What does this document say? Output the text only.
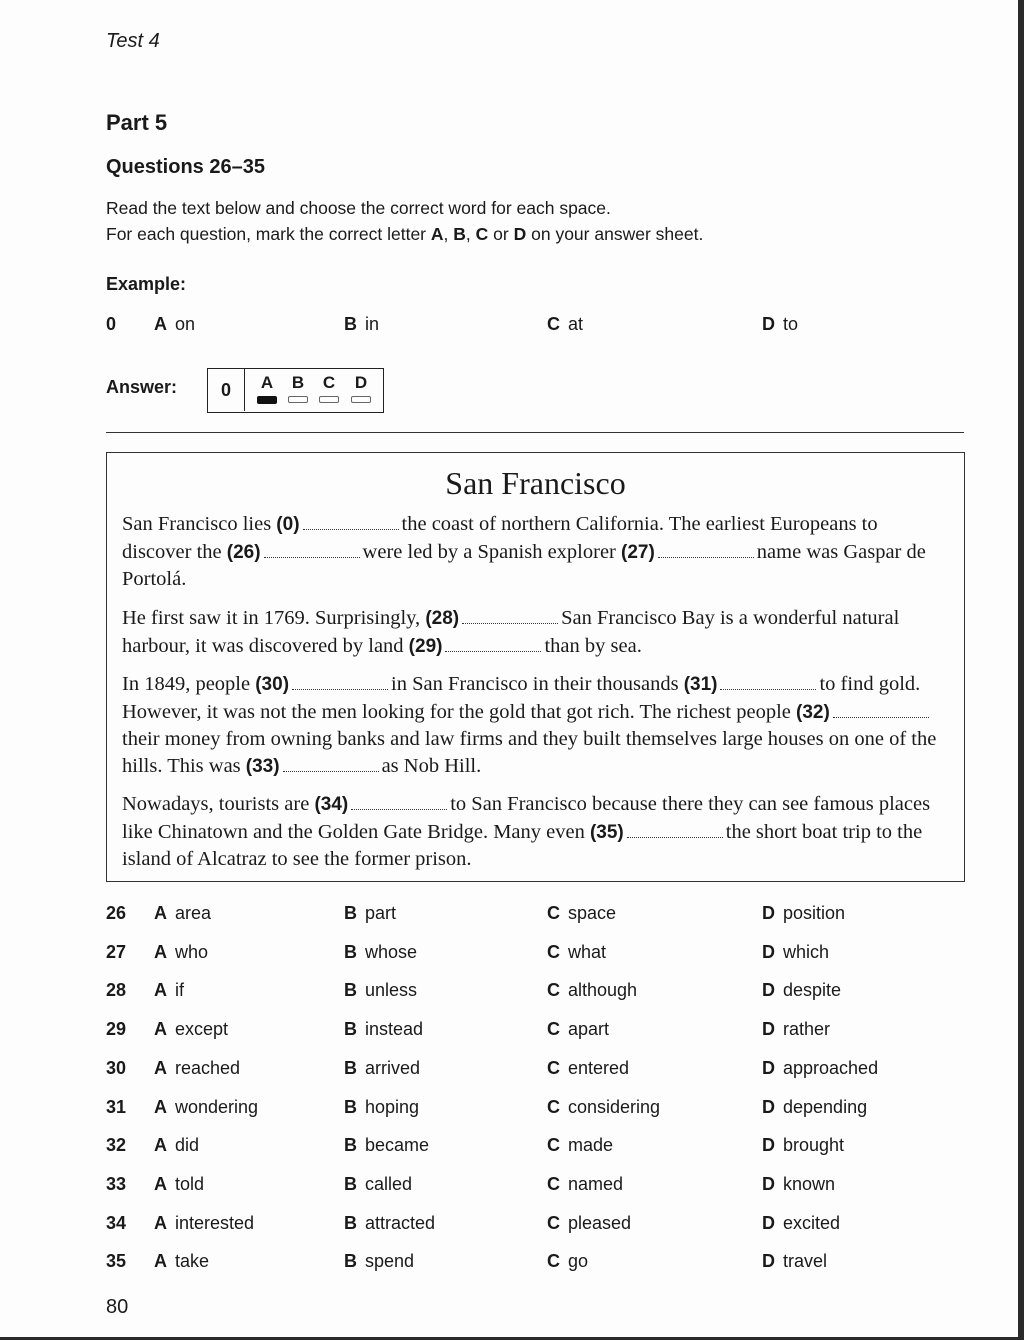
Test 4
Part 5
Questions 26–35
Read the text below and choose the correct word for each space.
For each question, mark the correct letter A, B, C or D on your answer sheet.
Example:
0 A on	B in	C at	D to
Answer:	0	A	B	C	D
San Francisco
San Francisco lies (0)	the coast of northern California. The earliest Europeans to discover the (26)	were led by a Spanish explorer (27)	name was Gaspar de Portolá.
He first saw it in 1769. Surprisingly, (28)	San Francisco Bay is a wonderful natural harbour, it was discovered by land (29)	than by sea.
In 1849, people (30)	in San Francisco in their thousands (31)	to find gold. However, it was not the men looking for the gold that got rich. The richest people (32)their money from owning banks and law firms and they built themselves large houses on one of the hills. This was (33)	as Nob Hill.
Nowadays, tourists are (34)	to San Francisco because there they can see famous places like Chinatown and the Golden Gate Bridge. Many even (35)	the short boat trip to the island of Alcatraz to see the former prison.
26 A area	B part	C space	D position
27 A who	B whose	C what	D which
28 A if	B unless	C although	D despite
29 A except	B instead	C apart	D rather
30 A reached	B arrived	C entered	D approached
31 A wondering	B hoping	C considering	D depending
32 A did	B became	C made	D brought
33 A told	B called	C named	D known
34 A interested	B attracted	C pleased	D excited
35 A take	B spend	C go	D travel
80
